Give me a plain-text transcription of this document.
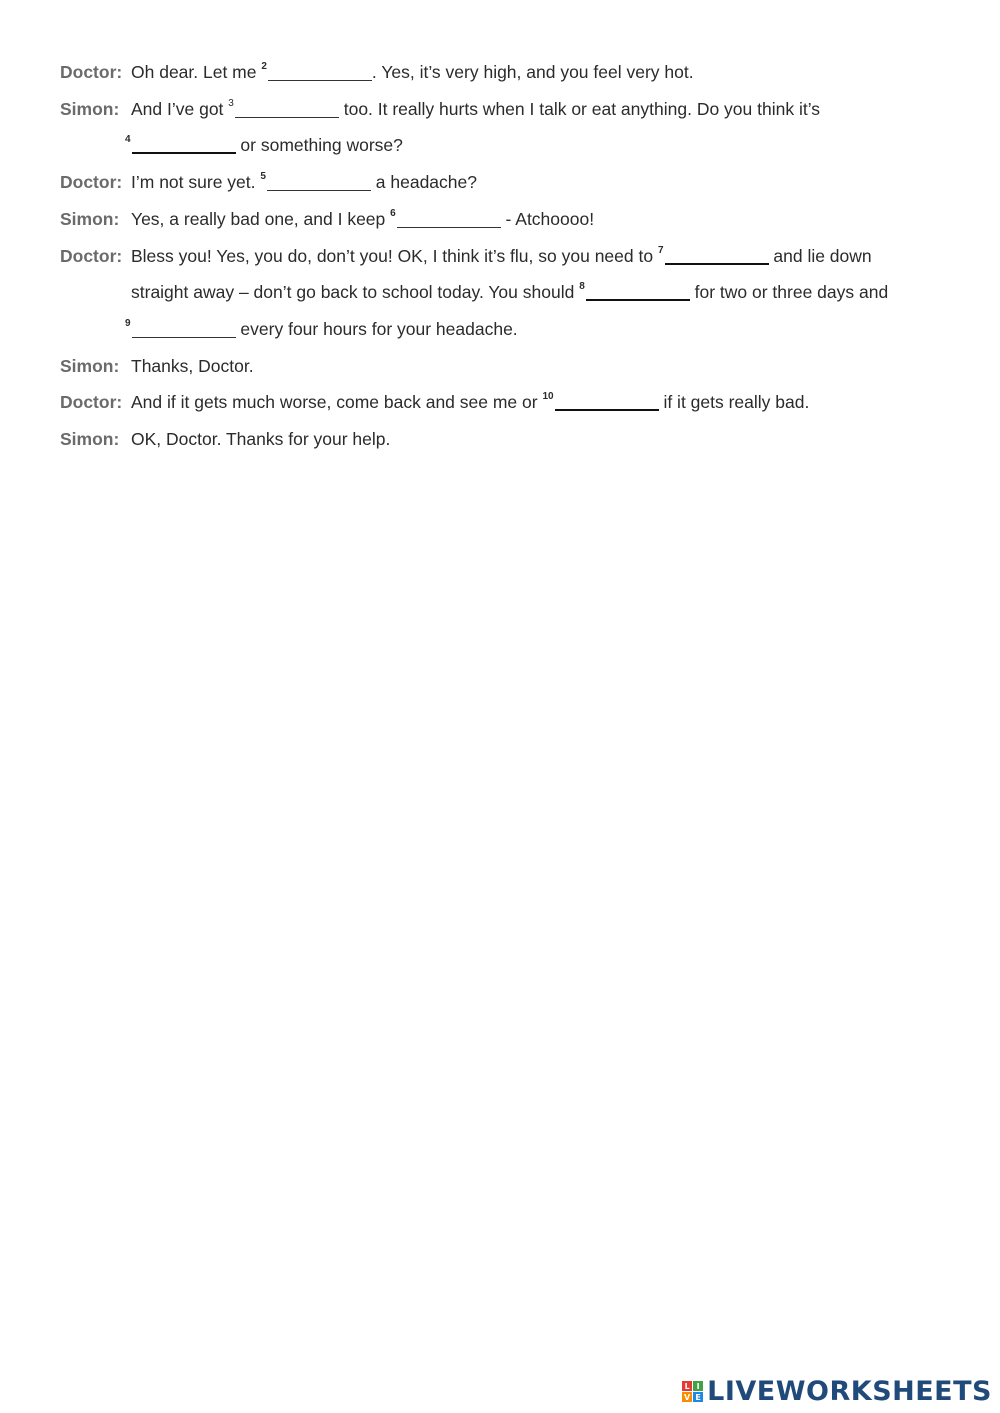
Doctor: Oh dear. Let me $^2$	. Yes, it’s very high, and you feel very hot.
Simon: And I’ve got $^3$	too. It really hurts when I talk or eat anything. Do you think it’s
$^4$	or something worse?
Doctor: I’m not sure yet. $^5$	a headache?
Simon: Yes, a really bad one, and I keep $^6$	- Atchoooo!
Doctor: Bless you! Yes, you do, don’t you! OK, I think it’s flu, so you need to $^7$	and lie down
straight away – don’t go back to school today. You should $^8$	for two or three days and
$^9$	every four hours for your headache.
Simon: Thanks, Doctor.
Doctor: And if it gets much worse, come back and see me or $^{10}$	if it gets really bad.
Simon: OK, Doctor. Thanks for your help.
L I
V E LIVEWORKSHEETS
